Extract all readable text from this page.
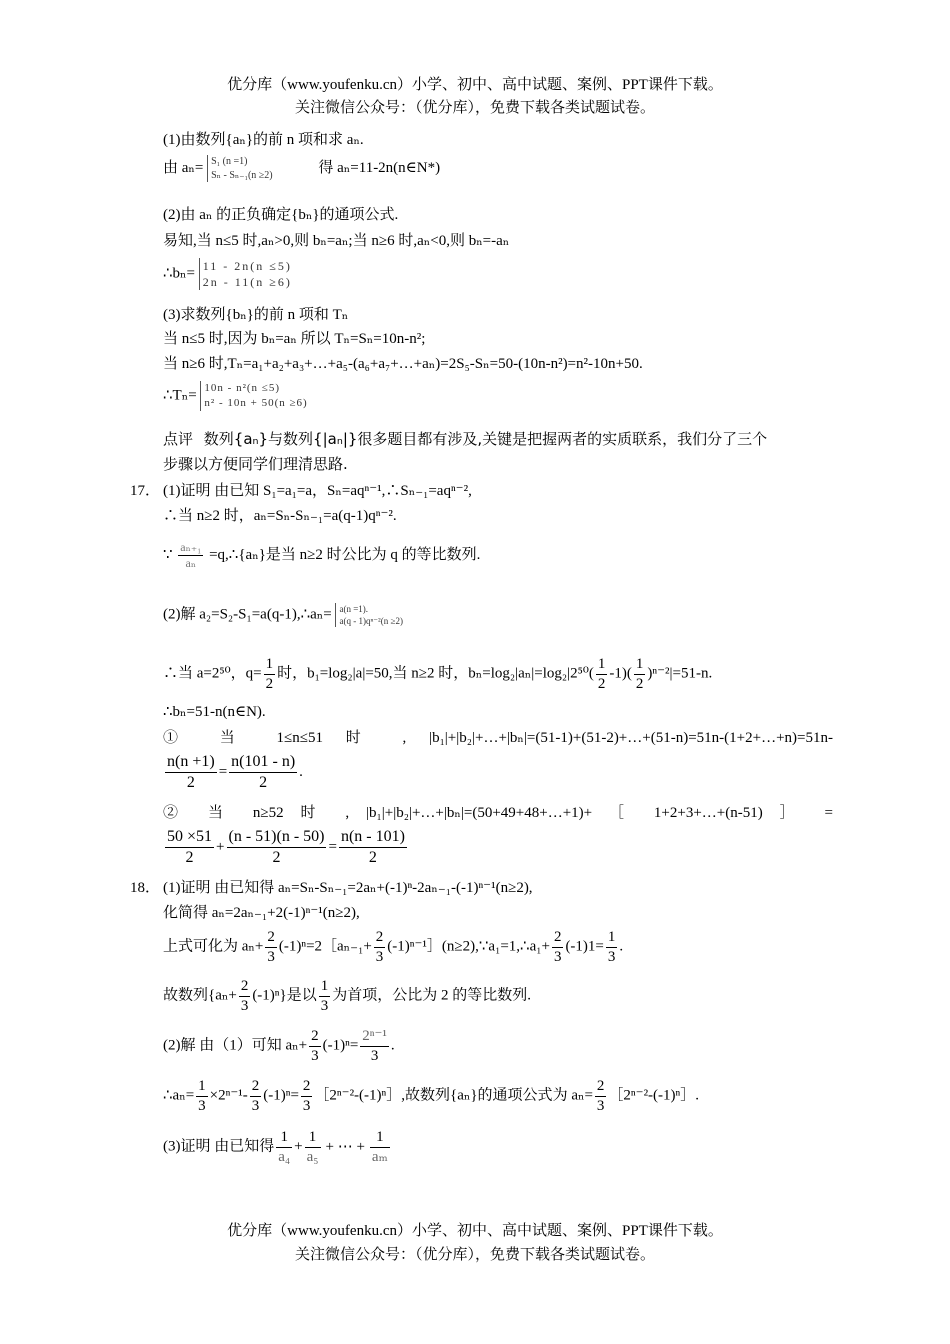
优分库（www.youfenku.cn）小学、初中、高中试题、案例、PPT课件下载。
关注微信公众号：（优分库），免费下载各类试题试卷。
(1)由数列{aₙ}的前 n 项和求 aₙ.
由 aₙ= S₁ (n =1)
Sₙ - Sₙ₋₁(n ≥2)	得 aₙ=11-2n(n∈N*)
(2)由 aₙ 的正负确定{bₙ}的通项公式.
易知,当 n≤5 时,aₙ>0,则 bₙ=aₙ;当 n≥6 时,aₙ<0,则 bₙ=-aₙ
∴bₙ= 11 - 2n(n ≤5)
2n - 11(n ≥6)
(3)求数列{bₙ}的前 n 项和 Tₙ
当 n≤5 时,因为 bₙ=aₙ 所以 Tₙ=Sₙ=10n-n²;
当 n≥6 时,Tₙ=a₁+a₂+a₃+…+a₅-(a₆+a₇+…+aₙ)=2S₅-Sₙ=50-(10n-n²)=n²-10n+50.
∴Tₙ= 10n - n²(n ≤5)
n² - 10n + 50(n ≥6)
点评 数列{aₙ}与数列{|aₙ|}很多题目都有涉及,关键是把握两者的实质联系，我们分了三个
步骤以方便同学们理清思路.
17． (1)证明 由已知 S₁=a₁=a，Sₙ=aqⁿ⁻¹,∴Sₙ₋₁=aqⁿ⁻²,
∴当 n≥2 时，aₙ=Sₙ-Sₙ₋₁=a(q-1)qⁿ⁻².
∵ $\frac{\text{aₙ₊₁}}{\text{aₙ}}$ =q,∴{aₙ}是当 n≥2 时公比为 q 的等比数列.
(2)解 a₂=S₂-S₁=a(q-1),∴aₙ= a(n =1).
a(q - 1)qⁿ⁻²(n ≥2)
∴当 a=2⁵⁰，$q= \frac{1}{2}$ 时，b₁=log₂|a|=50,当 n≥2 时，$b_n=\log_2|a_n|=\log_2|2^{50}( \frac{1}{2} -1)( \frac{1}{2} )^{n-2}|=51-n$.
∴bₙ=51-n(n∈N).
① 当 1≤n≤51 时 , |b₁|+|b₂|+…+|bₙ|=(51-1)+(51-2)+…+(51-n)=51n-(1+2+…+n)=51n-
$\frac{n(n +1)}{2} = \frac{n(101 - n)}{2}$ .
② 当 n≥52 时 , |b₁|+|b₂|+…+|bₙ|=(50+49+48+…+1)+ ［ 1+2+3+…+(n-51) ］ =
$\frac{50 \times 51}{2} + \frac{(n - 51)(n - 50)}{2} = \frac{n(n - 101)}{2}$
18． (1)证明 由已知得 aₙ=Sₙ-Sₙ₋₁=2aₙ+(-1)ⁿ-2aₙ₋₁-(-1)ⁿ⁻¹(n≥2),
化简得 aₙ=2aₙ₋₁+2(-1)ⁿ⁻¹(n≥2),
上式可化为 $a_n+ \frac{2}{3}$ (-1)ⁿ=2［aₙ₋₁+ $\frac{2}{3}$ (-1)ⁿ⁻¹］(n≥2),∵a₁=1,∴a₁+ $\frac{2}{3} (-1)1= \frac{1}{3}$ .
故数列$\{a_n+ \frac{2}{3} (-1)^n\}$是以 $\frac{1}{3}$ 为首项，公比为 2 的等比数列.
(2)解 由（1）可知 $a_n+ \frac{2}{3} (-1)^n= \frac{\text{2ⁿ⁻¹}}{3}$ .
∴aₙ= $\frac{1}{3} \times 2^{n-1}- \frac{2}{3} (-1)^n= \frac{2}{3}$ ［2ⁿ⁻²-(-1)ⁿ］,故数列{aₙ}的通项公式为 $a_n= \frac{2}{3}$ ［2ⁿ⁻²-(-1)ⁿ］.
(3)证明 由已知得 $\frac{1}{\text{a₄}} + \frac{1}{\text{a₅}}$ + ⋯ + $\frac{1}{\text{aₘ}}$
优分库（www.youfenku.cn）小学、初中、高中试题、案例、PPT课件下载。
关注微信公众号：（优分库），免费下载各类试题试卷。
